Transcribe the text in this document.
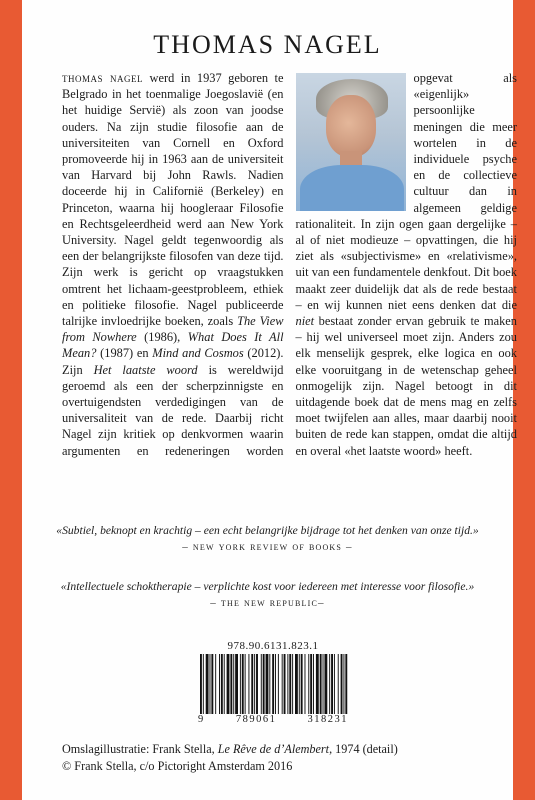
THOMAS NAGEL

thomas nagel werd in 1937 geboren te Belgrado in het toenmalige Joegoslavië (en het huidige Servië) als zoon van joodse ouders. Na zijn studie filosofie aan de universiteiten van Cornell en Oxford promoveerde hij in 1963 aan de universiteit van Harvard bij John Rawls. Nadien doceerde hij in Californië (Berkeley) en Princeton, waarna hij hoogleraar Filosofie en Rechtsgeleerdheid werd aan New York University. Nagel geldt tegenwoordig als een der belangrijkste filosofen van deze tijd. Zijn werk is gericht op vraagstukken omtrent het lichaam-geestprobleem, ethiek en politieke filosofie. Nagel publiceerde talrijke invloedrijke boeken, zoals
The View from Nowhere (1986), What Does It All Mean? (1987) en Mind and Cosmos (2012). Zijn Het laatste woord is wereldwijd geroemd als een der scherpzinnigste en overtuigendsten verdedigingen van de universaliteit van de rede. Daarbij richt Nagel zijn kritiek op denkvormen waarin argumenten en redeneringen worden opgevat als «eigenlijk» persoonlijke meningen die meer wortelen in de individuele psyche en de collectieve cultuur dan in algemeen geldige rationaliteit. In zijn ogen gaan dergelijke – al of niet modieuze – opvattingen, die hij ziet als «subjectivisme» en «relativisme», uit van een fundamentele denkfout. Dit boek maakt zeer duidelijk dat als de rede bestaat – en wij kunnen niet eens denken dat die niet bestaat zonder ervan gebruik te maken – hij wel universeel moet zijn. Anders zou elk menselijk gesprek, elke logica en ook elke vooruitgang in de wetenschap geheel onmogelijk zijn. Nagel betoogt in dit uitdagende boek dat de mens mag en zelfs moet twijfelen aan alles, maar daarbij nooit buiten de rede kan stappen, omdat die altijd en overal «het laatste woord» heeft.

«Subtiel, beknopt en krachtig – een echt belangrijke bijdrage tot het denken van onze tijd.»
– new york review of books –
«Intellectuele schoktherapie – verplichte kost voor iedereen met interesse voor filosofie.»
– the new republic–
978.90.6131.823.1
9	789061	318231
Omslagillustratie: Frank Stella, Le Rêve de d’Alembert, 1974 (detail)
© Frank Stella, c/o Pictoright Amsterdam 2016
